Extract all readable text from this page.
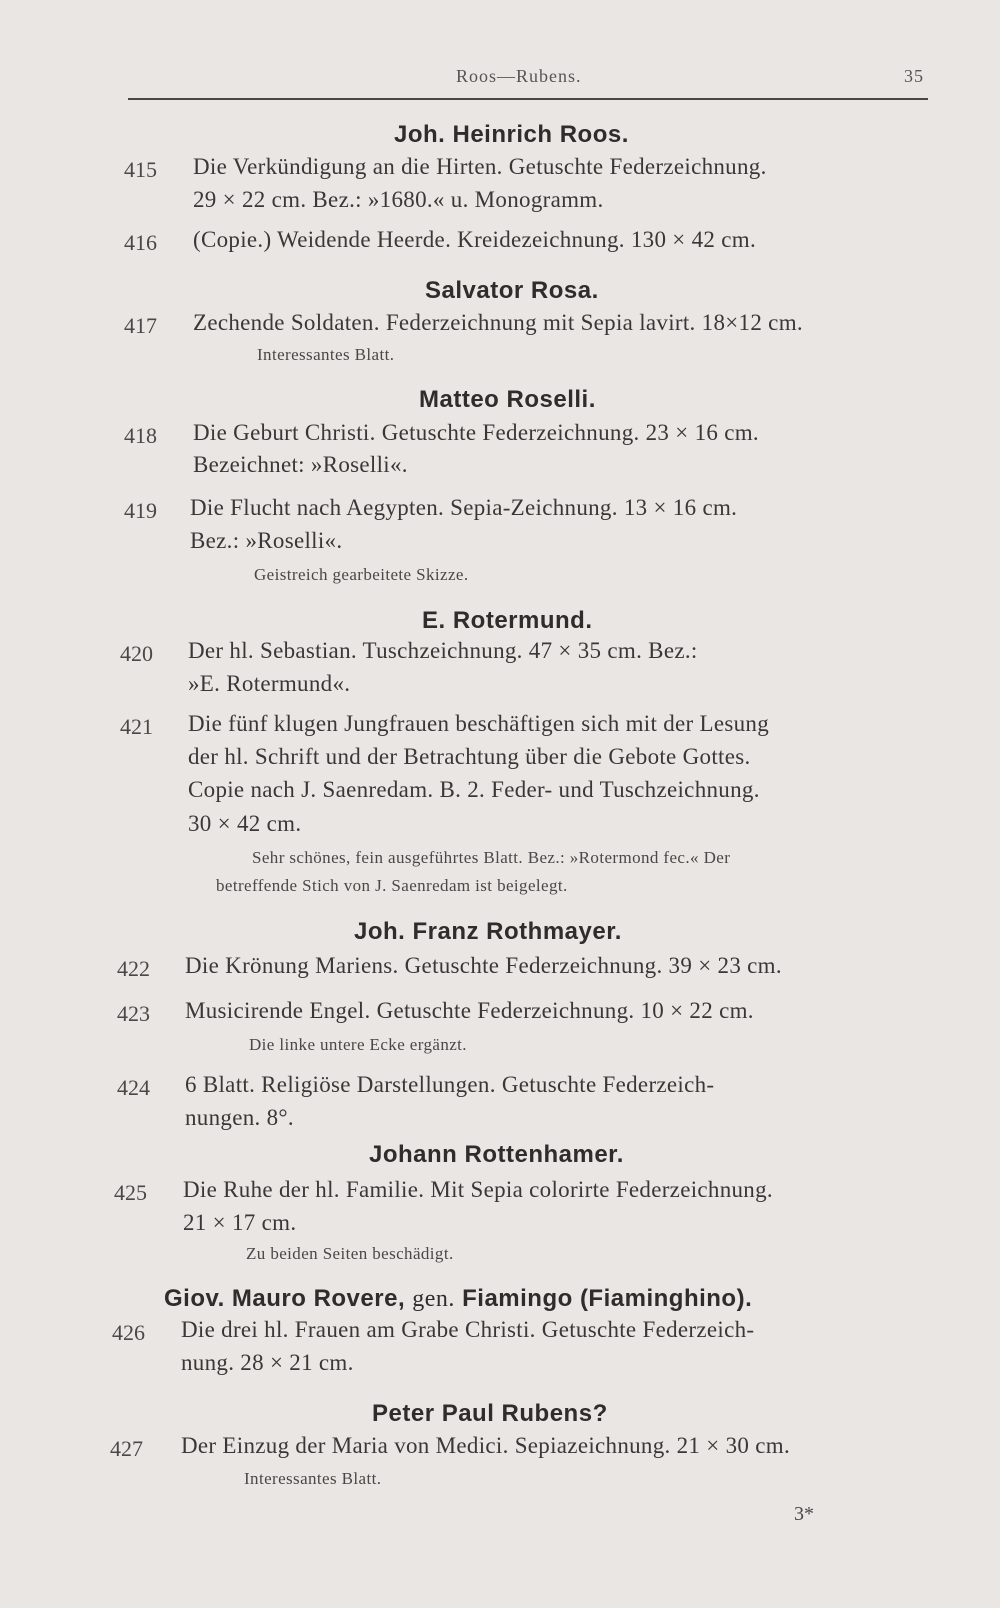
Roos—Rubens.	35
Joh. Heinrich Roos.
415 Die Verkündigung an die Hirten. Getuschte Federzeichnung.
29 × 22 cm. Bez.: »1680.« u. Monogramm.
416 (Copie.) Weidende Heerde. Kreidezeichnung. 130 × 42 cm.
Salvator Rosa.
417 Zechende Soldaten. Federzeichnung mit Sepia lavirt. 18×12 cm.
Interessantes Blatt.
Matteo Roselli.
418 Die Geburt Christi. Getuschte Federzeichnung. 23 × 16 cm.
Bezeichnet: »Roselli«.
419 Die Flucht nach Aegypten. Sepia-Zeichnung. 13 × 16 cm.
Bez.: »Roselli«.
Geistreich gearbeitete Skizze.
E. Rotermund.
420 Der hl. Sebastian. Tuschzeichnung. 47 × 35 cm. Bez.:
»E. Rotermund«.
421 Die fünf klugen Jungfrauen beschäftigen sich mit der Lesung
der hl. Schrift und der Betrachtung über die Gebote Gottes.
Copie nach J. Saenredam. B. 2. Feder- und Tuschzeichnung.
30 × 42 cm.
Sehr schönes, fein ausgeführtes Blatt. Bez.: »Rotermond fec.« Der
betreffende Stich von J. Saenredam ist beigelegt.
Joh. Franz Rothmayer.
422 Die Krönung Mariens. Getuschte Federzeichnung. 39 × 23 cm.
423 Musicirende Engel. Getuschte Federzeichnung. 10 × 22 cm.
Die linke untere Ecke ergänzt.
424 6 Blatt. Religiöse Darstellungen. Getuschte Federzeich-
nungen. 8°.
Johann Rottenhamer.
425 Die Ruhe der hl. Familie. Mit Sepia colorirte Federzeichnung.
21 × 17 cm.
Zu beiden Seiten beschädigt.
Giov. Mauro Rovere, gen. Fiamingo (Fiaminghino).
426 Die drei hl. Frauen am Grabe Christi. Getuschte Federzeich-
nung. 28 × 21 cm.
Peter Paul Rubens?
427 Der Einzug der Maria von Medici. Sepiazeichnung. 21 × 30 cm.
Interessantes Blatt.
3*
